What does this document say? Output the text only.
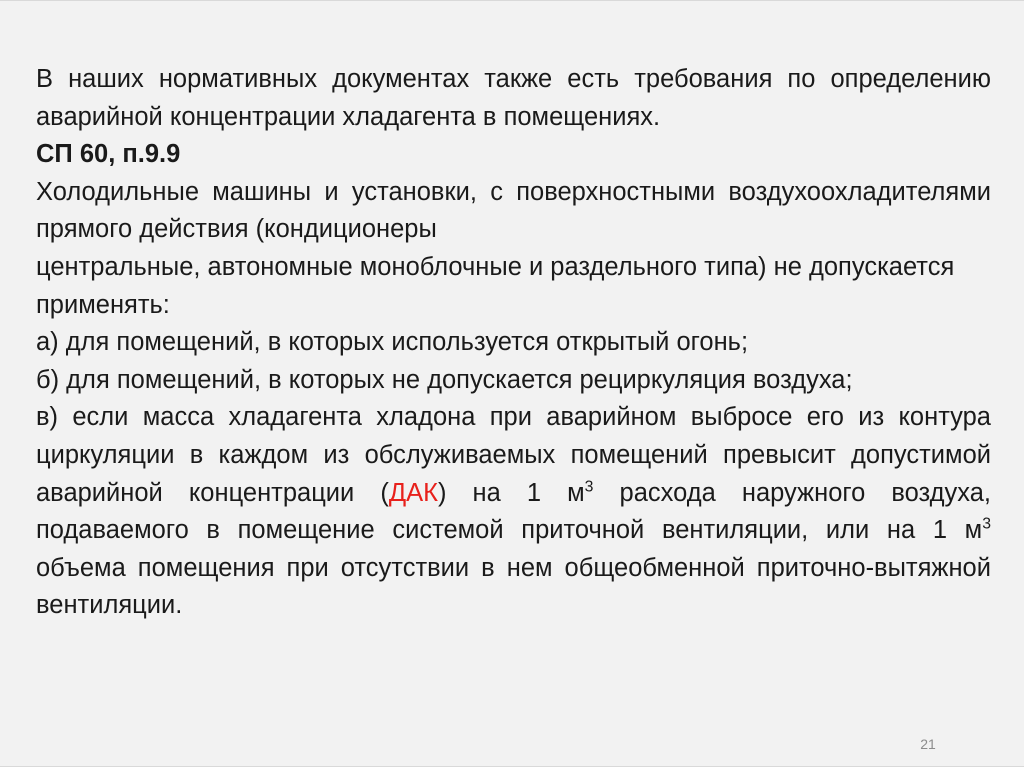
В наших нормативных документах также есть требования по определению аварийной концентрации хладагента в помещениях.

СП 60, п.9.9

Холодильные машины и установки, с поверхностными воздухоохладителями прямого действия (кондиционеры

центральные, автономные моноблочные и раздельного типа) не допускается применять:

а) для помещений, в которых используется открытый огонь;

б) для помещений, в которых не допускается рециркуляция воздуха;

в) если масса хладагента хладона при аварийном выбросе его из контура циркуляции в каждом из обслуживаемых помещений превысит допустимой аварийной концентрации (ДАК) на 1 $м^3$ расхода наружного воздуха, подаваемого в помещение системой приточной вентиляции, или на 1 $м^3$ объема помещения при отсутствии в нем общеобменной приточно-вытяжной вентиляции.

21
